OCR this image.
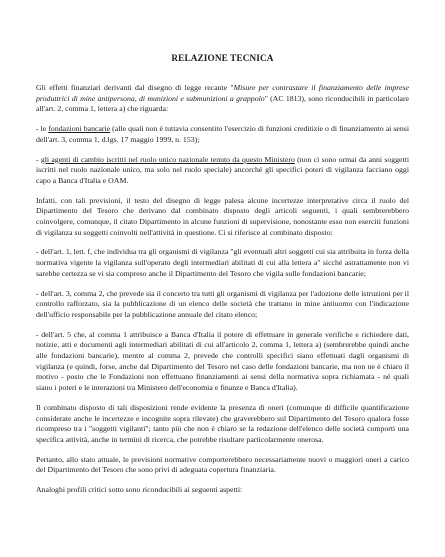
RELAZIONE TECNICA

Gli effetti finanziari derivanti dal disegno di legge recante "Misure per contrastare il finanziamento delle imprese produttrici di mine antipersona, di munizioni e submunizioni a grappolo" (AC 1813), sono riconducibili in particolare all'art. 2, comma 1, lettera a) che riguarda:

- le fondazioni bancarie (alle quali non è tuttavia consentito l'esercizio di funzioni creditizie o di finanziamento ai sensi dell'art. 3, comma 1, d.lgs. 17 maggio 1999, n. 153);

- gli agenti di cambio iscritti nel ruolo unico nazionale tenuto da questo Ministero (non ci sono ormai da anni soggetti iscritti nel ruolo nazionale unico, ma solo nel ruolo speciale) ancorché gli specifici poteri di vigilanza facciano oggi capo a Banca d'Italia e OAM.

Infatti, con tali previsioni, il testo del disegno di legge palesa alcune incertezze interpretative circa il ruolo del Dipartimento del Tesoro che derivano dal combinato disposto degli articoli seguenti, i quali sembrerebbero coinvolgere, comunque, il citato Dipartimento in alcune funzioni di supervisione, nonostante esso non eserciti funzioni di vigilanza su soggetti coinvolti nell'attività in questione. Ci si riferisce al combinato disposto:

- dell'art. 1, lett. f, che individua tra gli organismi di vigilanza "gli eventuali altri soggetti cui sia attribuita in forza della normativa vigente la vigilanza sull'operato degli intermediari abilitati di cui alla lettera a" sicché astrattamente non vi sarebbe certezza se vi sia compreso anche il Dipartimento del Tesoro che vigila sulle fondazioni bancarie;

- dell'art. 3, comma 2, che prevede sia il concerto tra tutti gli organismi di vigilanza per l'adozione delle istruzioni per il controllo rafforzato, sia la pubblicazione di un elenco delle società che trattano in mine antiuomo con l'indicazione dell'ufficio responsabile per la pubblicazione annuale del citato elenco;

- dell'art. 5 che, al comma 1 attribuisce a Banca d'Italia il potere di effettuare in generale verifiche e richiedere dati, notizie, atti e documenti agli intermediari abilitati di cui all'articolo 2, comma 1, lettera a) (sembrerebbe quindi anche alle fondazioni bancarie), mentre al comma 2, prevede che controlli specifici siano effettuati dagli organismi di vigilanza (e quindi, forse, anche dal Dipartimento del Tesoro nel caso delle fondazioni bancarie, ma non ne è chiaro il motivo - posto che le Fondazioni non effettuano finanziamenti ai sensi della normativa sopra richiamata - né quali siano i poteri e le interazioni tra Ministero dell'economia e finanze e Banca d'Italia).

Il combinato disposto di tali disposizioni rende evidente la presenza di oneri (comunque di difficile quantificazione considerate anche le incertezze e incognite sopra rilevate) che graverebbero sul Dipartimento del Tesoro qualora fosse ricompreso tra i "soggetti vigilanti"; tanto più che non è chiaro se la redazione dell'elenco delle società comporti una specifica attività, anche in termini di ricerca, che potrebbe risultare particolarmente onerosa.

Pertanto, allo stato attuale, le previsioni normative comporterebbero necessariamente nuovi o maggiori oneri a carico del Dipartimento del Tesoro che sono privi di adeguata copertura finanziaria.

Analoghi profili critici sotto sono riconducibili ai seguenti aspetti:
